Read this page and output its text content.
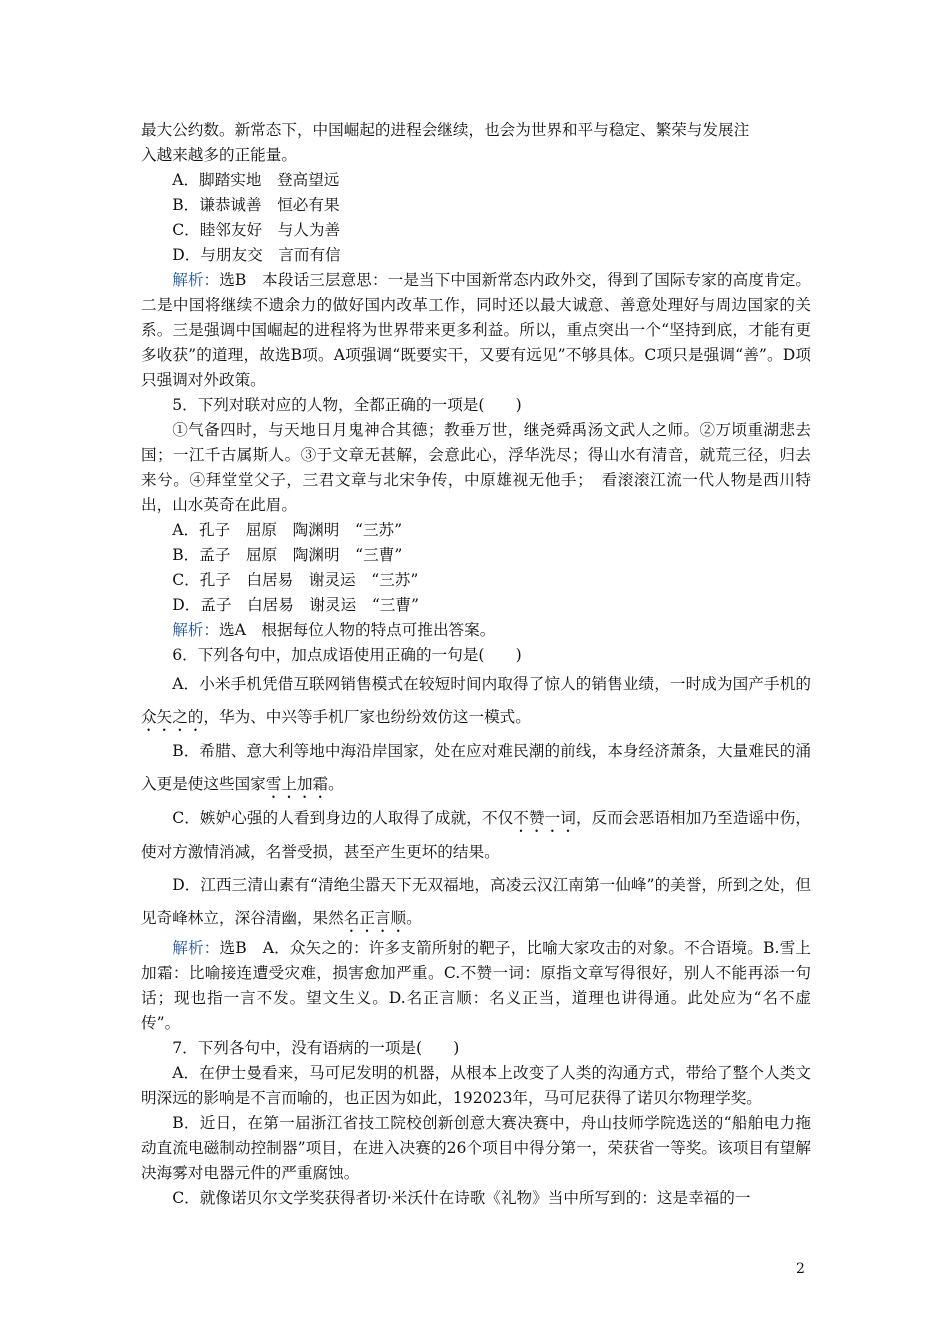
最大公约数。新常态下，中国崛起的进程会继续，也会为世界和平与稳定、繁荣与发展注

入越来越多的正能量。

A．脚踏实地　登高望远

B．谦恭诚善　恒必有果

C．睦邻友好　与人为善

D．与朋友交　言而有信

解析：选B　本段话三层意思：一是当下中国新常态内政外交，得到了国际专家的高度肯定。二是中国将继续不遗余力的做好国内改革工作，同时还以最大诚意、善意处理好与周边国家的关系。三是强调中国崛起的进程将为世界带来更多利益。所以，重点突出一个“坚持到底，才能有更多收获”的道理，故选B项。A项强调“既要实干，又要有远见”不够具体。C项只是强调“善”。D项只强调对外政策。

5．下列对联对应的人物，全都正确的一项是(　　)

①气备四时，与天地日月鬼神合其德；教垂万世，继尧舜禹汤文武人之师。②万顷重湖悲去国；一江千古属斯人。③于文章无甚解，会意此心，浮华洗尽；得山水有清音，就荒三径，归去来兮。④拜堂堂父子，三君文章与北宋争传，中原雄视无他手；　看滚滚江流一代人物是西川特出，山水英奇在此眉。

A．孔子　屈原　陶渊明　“三苏”

B．孟子　屈原　陶渊明　“三曹”

C．孔子　白居易　谢灵运　“三苏”

D．孟子　白居易　谢灵运　“三曹”

解析：选A　根据每位人物的特点可推出答案。

6．下列各句中，加点成语使用正确的一句是(　　)

A．小米手机凭借互联网销售模式在较短时间内取得了惊人的销售业绩，一时成为国产手机的众矢之的，华为、中兴等手机厂家也纷纷效仿这一模式。

B．希腊、意大利等地中海沿岸国家，处在应对难民潮的前线，本身经济萧条，大量难民的涌入更是使这些国家雪上加霜。

C．嫉妒心强的人看到身边的人取得了成就，不仅不赞一词，反而会恶语相加乃至造谣中伤，使对方激情消减，名誉受损，甚至产生更坏的结果。

D．江西三清山素有“清绝尘嚣天下无双福地，高凌云汉江南第一仙峰”的美誉，所到之处，但见奇峰林立，深谷清幽，果然名正言顺。

解析：选B　A．众矢之的：许多支箭所射的靶子，比喻大家攻击的对象。不合语境。B.雪上加霜：比喻接连遭受灾难，损害愈加严重。C.不赞一词：原指文章写得很好，别人不能再添一句话；现也指一言不发。望文生义。D.名正言顺：名义正当，道理也讲得通。此处应为“名不虚传”。

7．下列各句中，没有语病的一项是(　　)

A．在伊士曼看来，马可尼发明的机器，从根本上改变了人类的沟通方式，带给了整个人类文明深远的影响是不言而喻的，也正因为如此，192023年，马可尼获得了诺贝尔物理学奖。

B．近日，在第一届浙江省技工院校创新创意大赛决赛中，舟山技师学院选送的“船舶电力拖动直流电磁制动控制器”项目，在进入决赛的26个项目中得分第一，荣获省一等奖。该项目有望解决海雾对电器元件的严重腐蚀。

C．就像诺贝尔文学奖获得者切·米沃什在诗歌《礼物》当中所写到的：这是幸福的一

2
